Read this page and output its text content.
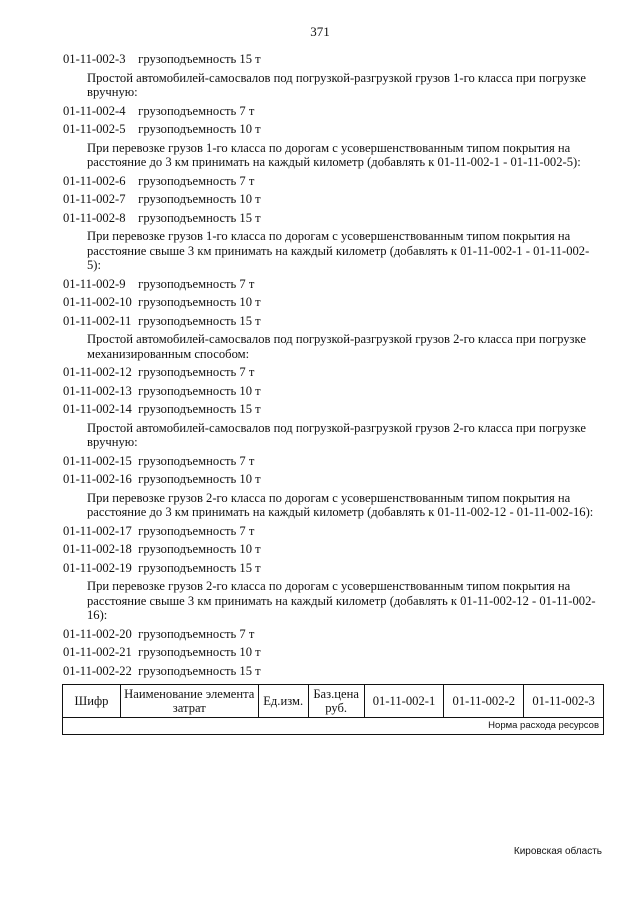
371
01-11-002-3 грузоподъемность 15 т
Простой автомобилей-самосвалов под погрузкой-разгрузкой грузов 1-го класса при погрузке вручную:
01-11-002-4 грузоподъемность 7 т
01-11-002-5 грузоподъемность 10 т
При перевозке грузов 1-го класса по дорогам с усовершенствованным типом покрытия на расстояние до 3 км принимать на каждый километр (добавлять к 01-11-002-1 - 01-11-002-5):
01-11-002-6 грузоподъемность 7 т
01-11-002-7 грузоподъемность 10 т
01-11-002-8 грузоподъемность 15 т
При перевозке грузов 1-го класса по дорогам с усовершенствованным типом покрытия на расстояние свыше 3 км принимать на каждый километр (добавлять к 01-11-002-1 - 01-11-002-5):
01-11-002-9 грузоподъемность 7 т
01-11-002-10 грузоподъемность 10 т
01-11-002-11 грузоподъемность 15 т
Простой автомобилей-самосвалов под погрузкой-разгрузкой грузов 2-го класса при погрузке механизированным способом:
01-11-002-12 грузоподъемность 7 т
01-11-002-13 грузоподъемность 10 т
01-11-002-14 грузоподъемность 15 т
Простой автомобилей-самосвалов под погрузкой-разгрузкой грузов 2-го класса при погрузке вручную:
01-11-002-15 грузоподъемность 7 т
01-11-002-16 грузоподъемность 10 т
При перевозке грузов 2-го класса по дорогам с усовершенствованным типом покрытия на расстояние до 3 км принимать на каждый километр (добавлять к 01-11-002-12 - 01-11-002-16):
01-11-002-17 грузоподъемность 7 т
01-11-002-18 грузоподъемность 10 т
01-11-002-19 грузоподъемность 15 т
При перевозке грузов 2-го класса по дорогам с усовершенствованным типом покрытия на расстояние свыше 3 км принимать на каждый километр (добавлять к 01-11-002-12 - 01-11-002-16):
01-11-002-20 грузоподъемность 7 т
01-11-002-21 грузоподъемность 10 т
01-11-002-22 грузоподъемность 15 т
Шифр	Наименование элемента затрат	Ед.изм.	Баз.цена руб.	01-11-002-1	01-11-002-2	01-11-002-3
Норма расхода ресурсов
Кировская область
